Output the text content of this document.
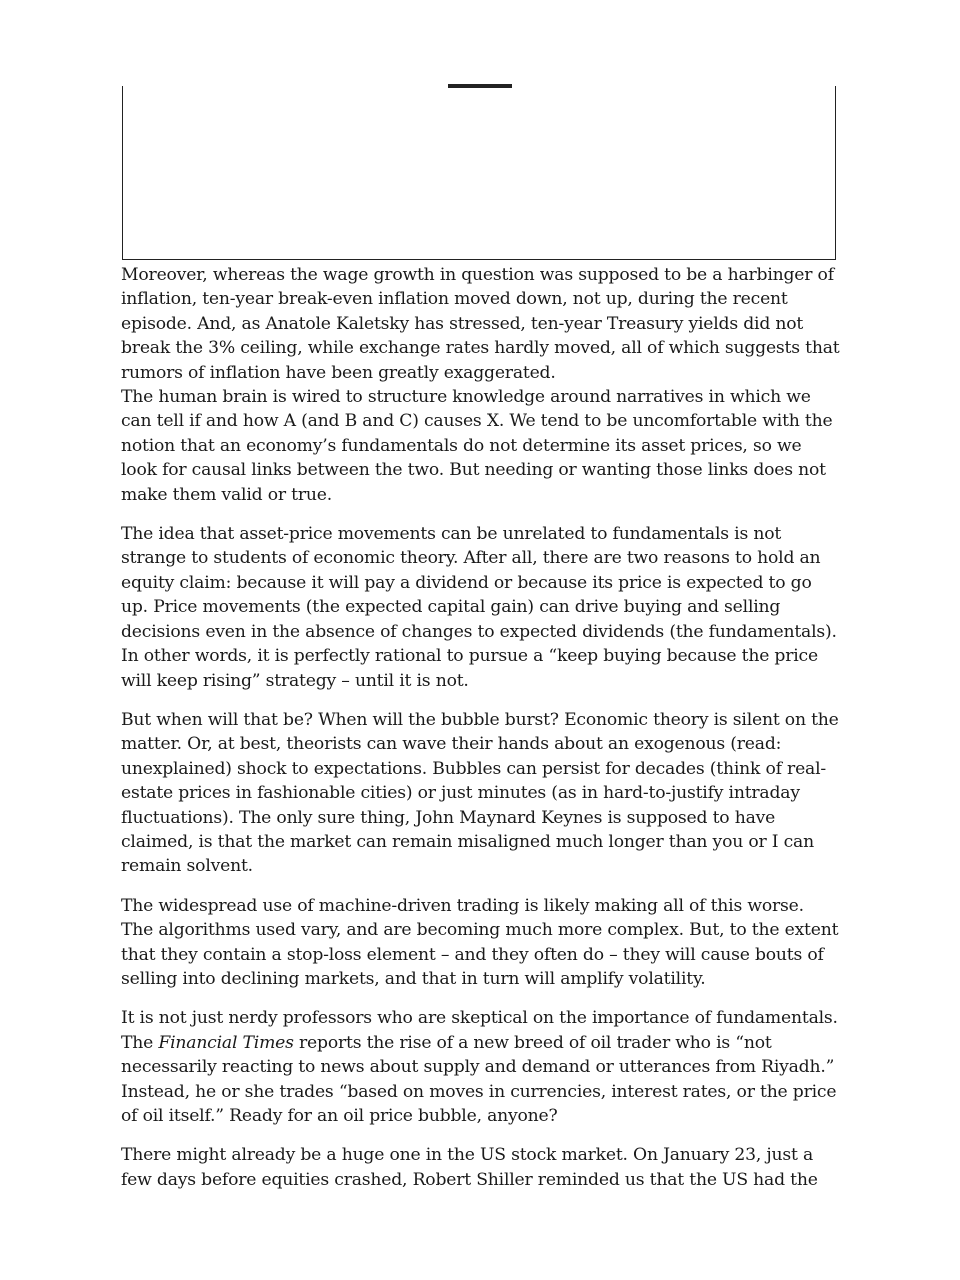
Moreover, whereas the wage growth in question was supposed to be a harbinger of inflation, ten-year break-even inflation moved down, not up, during the recent episode. And, as Anatole Kaletsky has stressed, ten-year Treasury yields did not break the 3% ceiling, while exchange rates hardly moved, all of which suggests that rumors of inflation have been greatly exaggerated.

The human brain is wired to structure knowledge around narratives in which we can tell if and how A (and B and C) causes X. We tend to be uncomfortable with the notion that an economy’s fundamentals do not determine its asset prices, so we look for causal links between the two. But needing or wanting those links does not make them valid or true.

The idea that asset-price movements can be unrelated to fundamentals is not strange to students of economic theory. After all, there are two reasons to hold an equity claim: because it will pay a dividend or because its price is expected to go up. Price movements (the expected capital gain) can drive buying and selling decisions even in the absence of changes to expected dividends (the fundamentals). In other words, it is perfectly rational to pursue a “keep buying because the price will keep rising” strategy – until it is not.

But when will that be? When will the bubble burst? Economic theory is silent on the matter. Or, at best, theorists can wave their hands about an exogenous (read: unexplained) shock to expectations. Bubbles can persist for decades (think of real-estate prices in fashionable cities) or just minutes (as in hard-to-justify intraday fluctuations). The only sure thing, John Maynard Keynes is supposed to have claimed, is that the market can remain misaligned much longer than you or I can remain solvent.

The widespread use of machine-driven trading is likely making all of this worse. The algorithms used vary, and are becoming much more complex. But, to the extent that they contain a stop-loss element – and they often do – they will cause bouts of selling into declining markets, and that in turn will amplify volatility.

It is not just nerdy professors who are skeptical on the importance of fundamentals. The Financial Times reports the rise of a new breed of oil trader who is “not necessarily reacting to news about supply and demand or utterances from Riyadh.” Instead, he or she trades “based on moves in currencies, interest rates, or the price of oil itself.” Ready for an oil price bubble, anyone?

There might already be a huge one in the US stock market. On January 23, just a few days before equities crashed, Robert Shiller reminded us that the US had the
